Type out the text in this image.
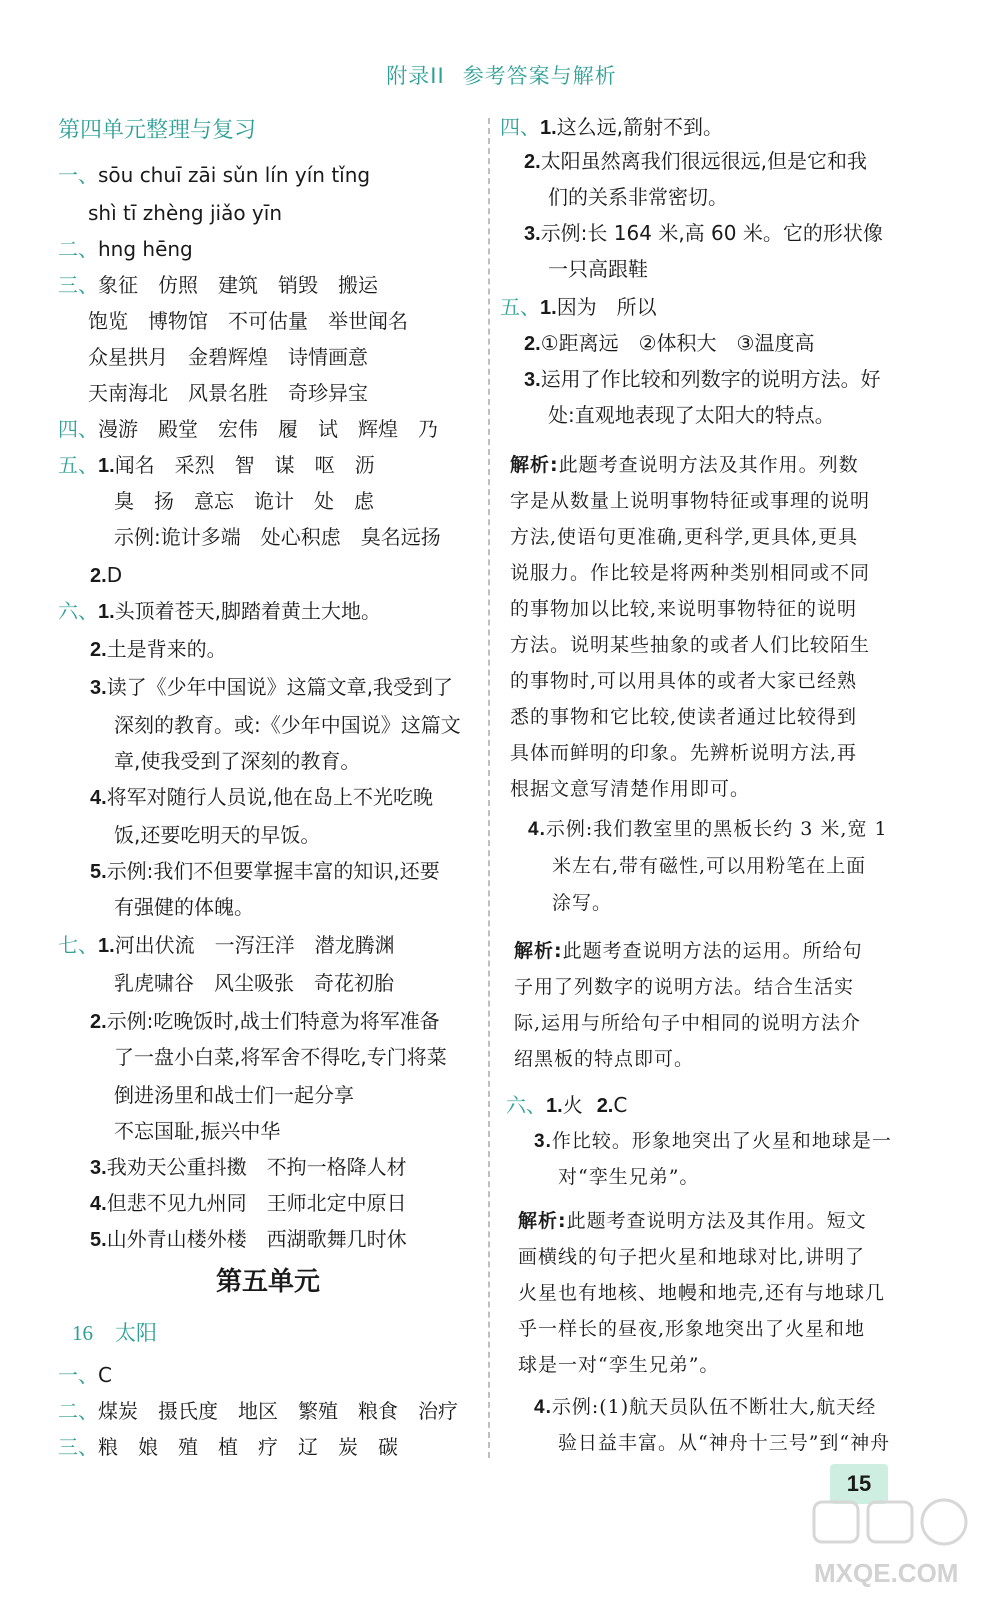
附录II 参考答案与解析
第四单元整理与复习
一、sōu chuī zāi sǔn lín yín tǐng
shì tī zhèng jiǎo yīn
二、hng hēng
三、象征　仿照　建筑　销毁　搬运
饱览　博物馆　不可估量　举世闻名
众星拱月　金碧辉煌　诗情画意
天南海北　风景名胜　奇珍异宝
四、漫游　殿堂　宏伟　履　试　辉煌　乃
五、1.闻名　采烈　智　谋　呕　沥
臭　扬　意忘　诡计　处　虑
示例:诡计多端　处心积虑　臭名远扬
2.D
六、1.头顶着苍天,脚踏着黄土大地。
2.土是背来的。
3.读了《少年中国说》这篇文章,我受到了
深刻的教育。或:《少年中国说》这篇文
章,使我受到了深刻的教育。
4.将军对随行人员说,他在岛上不光吃晚
饭,还要吃明天的早饭。
5.示例:我们不但要掌握丰富的知识,还要
有强健的体魄。
七、1.河出伏流　一泻汪洋　潜龙腾渊
乳虎啸谷　风尘吸张　奇花初胎
2.示例:吃晚饭时,战士们特意为将军准备
了一盘小白菜,将军舍不得吃,专门将菜
倒进汤里和战士们一起分享
不忘国耻,振兴中华
3.我劝天公重抖擞　不拘一格降人材
4.但悲不见九州同　王师北定中原日
5.山外青山楼外楼　西湖歌舞几时休
第五单元
16 太阳
一、C
二、煤炭　摄氏度　地区　繁殖　粮食　治疗
三、粮　娘　殖　植　疗　辽　炭　碳
四、1.这么远,箭射不到。
2.太阳虽然离我们很远很远,但是它和我
们的关系非常密切。
3.示例:长 164 米,高 60 米。它的形状像
一只高跟鞋
五、1.因为　所以
2.①距离远　②体积大　③温度高
3.运用了作比较和列数字的说明方法。好
处:直观地表现了太阳大的特点。
解析:此题考查说明方法及其作用。列数
字是从数量上说明事物特征或事理的说明
方法,使语句更准确,更科学,更具体,更具
说服力。作比较是将两种类别相同或不同
的事物加以比较,来说明事物特征的说明
方法。说明某些抽象的或者人们比较陌生
的事物时,可以用具体的或者大家已经熟
悉的事物和它比较,使读者通过比较得到
具体而鲜明的印象。先辨析说明方法,再
根据文意写清楚作用即可。
4.示例:我们教室里的黑板长约 3 米,宽 1
米左右,带有磁性,可以用粉笔在上面
涂写。
解析:此题考查说明方法的运用。所给句
子用了列数字的说明方法。结合生活实
际,运用与所给句子中相同的说明方法介
绍黑板的特点即可。
六、1.火 2.C
3.作比较。形象地突出了火星和地球是一
对“孪生兄弟”。
解析:此题考查说明方法及其作用。短文
画横线的句子把火星和地球对比,讲明了
火星也有地核、地幔和地壳,还有与地球几
乎一样长的昼夜,形象地突出了火星和地
球是一对“孪生兄弟”。
4.示例:(1)航天员队伍不断壮大,航天经
验日益丰富。从“神舟十三号”到“神舟
15
MXQE.COM
